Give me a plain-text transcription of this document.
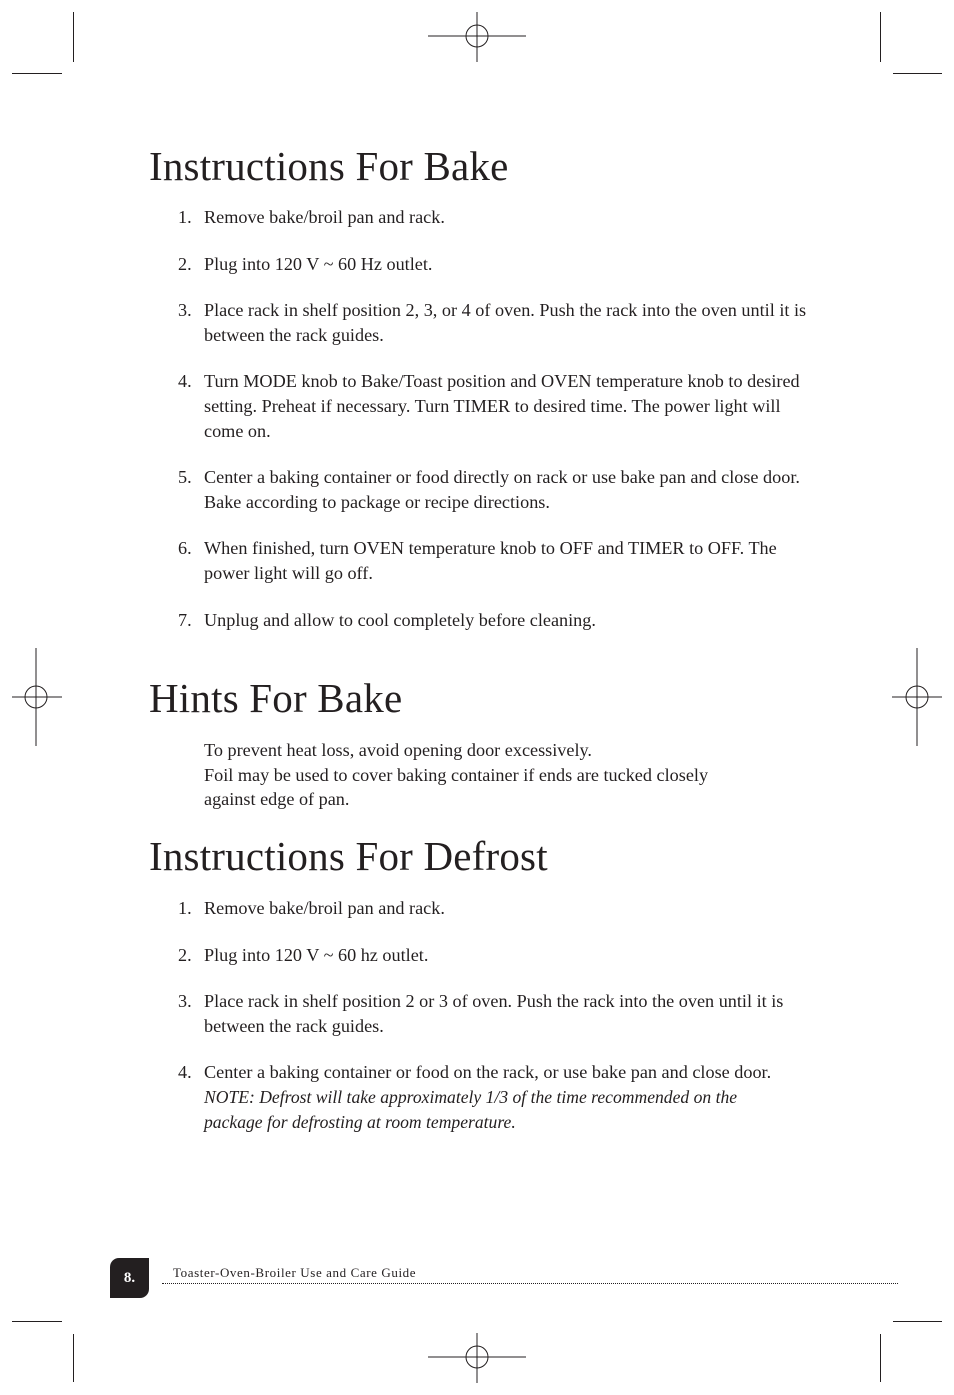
Instructions For Bake
1. Remove bake/broil pan and rack.
2. Plug into 120 V ~ 60 Hz outlet.
3. Place rack in shelf position 2, 3, or 4 of oven. Push the rack into the oven until it is between the rack guides.
4. Turn MODE knob to Bake/Toast position and OVEN temperature knob to desired setting. Preheat if necessary. Turn TIMER to desired time. The power light will come on.
5. Center a baking container or food directly on rack or use bake pan and close door. Bake according to package or recipe directions.
6. When finished, turn OVEN temperature knob to OFF and TIMER to OFF. The power light will go off.
7. Unplug and allow to cool completely before cleaning.
Hints For Bake

To prevent heat loss, avoid opening door excessively.

Foil may be used to cover baking container if ends are tucked closely against edge of pan.

Instructions For Defrost
1. Remove bake/broil pan and rack.
2. Plug into 120 V ~ 60 hz outlet.
3. Place rack in shelf position 2 or 3 of oven. Push the rack into the oven until it is between the rack guides.
4. Center a baking container or food on the rack, or use bake pan and close door. NOTE: Defrost will take approximately 1/3 of the time recommended on the package for defrosting at room temperature.
8.	Toaster-Oven-Broiler Use and Care Guide
